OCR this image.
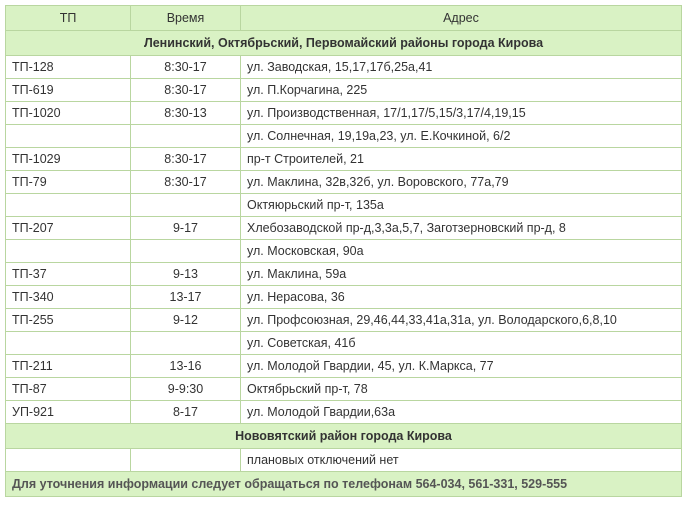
ТП	Время	Адрес
Ленинский, Октябрьский, Первомайский районы города Кирова		
ТП-128	8:30-17	ул. Заводская, 15,17,17б,25а,41
ТП-619	8:30-17	ул. П.Корчагина, 225
ТП-1020	8:30-13	ул. Производственная, 17/1,17/5,15/3,17/4,19,15
		ул. Солнечная, 19,19а,23, ул. Е.Кочкиной, 6/2
ТП-1029	8:30-17	пр-т Строителей, 21
ТП-79	8:30-17	ул. Маклина, 32в,32б, ул. Воровского, 77а,79
		Октяюрьский пр-т, 135а
ТП-207	9-17	Хлебозаводской пр-д,3,3а,5,7, Заготзерновский пр-д, 8
		ул. Московская, 90а
ТП-37	9-13	ул. Маклина, 59а
ТП-340	13-17	ул. Нерасова, 36
ТП-255	9-12	ул. Профсоюзная, 29,46,44,33,41а,31а, ул. Володарского,6,8,10
		ул. Советская, 41б
ТП-211	13-16	ул. Молодой Гвардии, 45, ул. К.Маркса, 77
ТП-87	9-9:30	Октябрьский пр-т, 78
УП-921	8-17	ул. Молодой Гвардии,63а
Нововятский район города Кирова		
		плановых отключений нет
Для уточнения информации следует обращаться по телефонам 564-034, 561-331, 529-555		
